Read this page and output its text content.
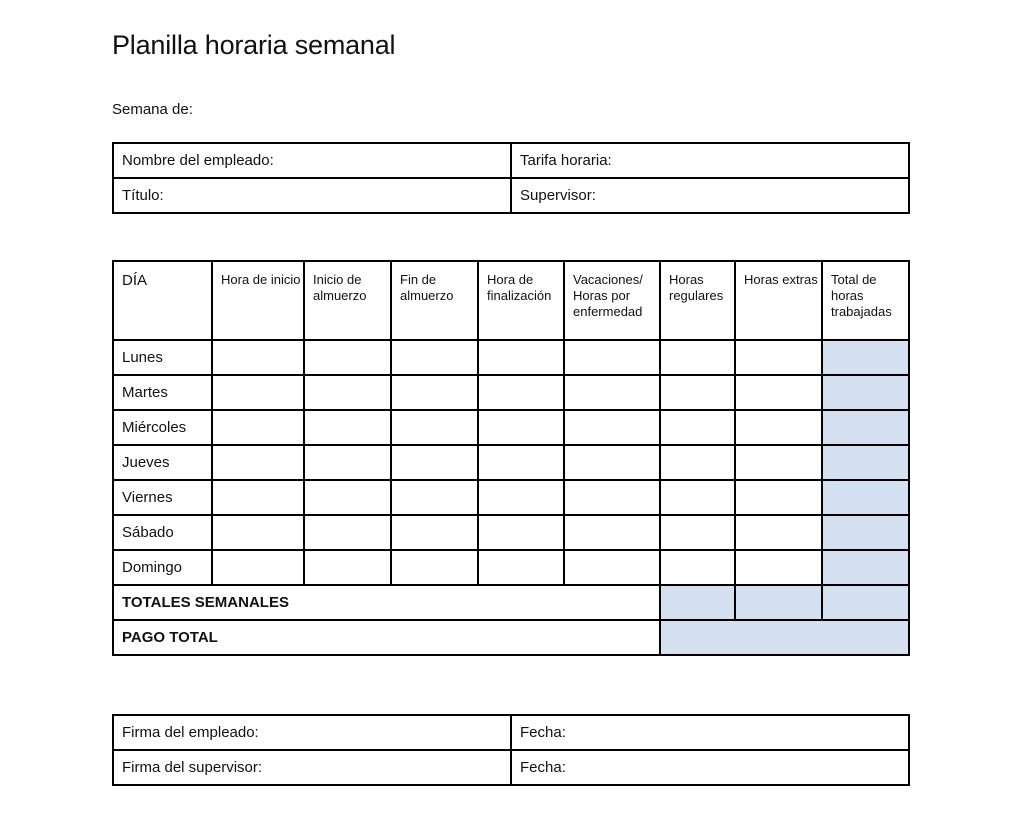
Planilla horaria semanal
Semana de:
Nombre del empleado:	Tarifa horaria:
Título:	Supervisor:
DÍA	Hora de inicio	Inicio de almuerzo	Fin de almuerzo	Hora de finalización	Vacaciones/ Horas por enfermedad	Horas regulares	Horas extras	Total de horas trabajadas
Lunes								
Martes								
Miércoles								
Jueves								
Viernes								
Sábado								
Domingo								
TOTALES SEMANALES								
PAGO TOTAL								
Firma del empleado:	Fecha:
Firma del supervisor:	Fecha:
